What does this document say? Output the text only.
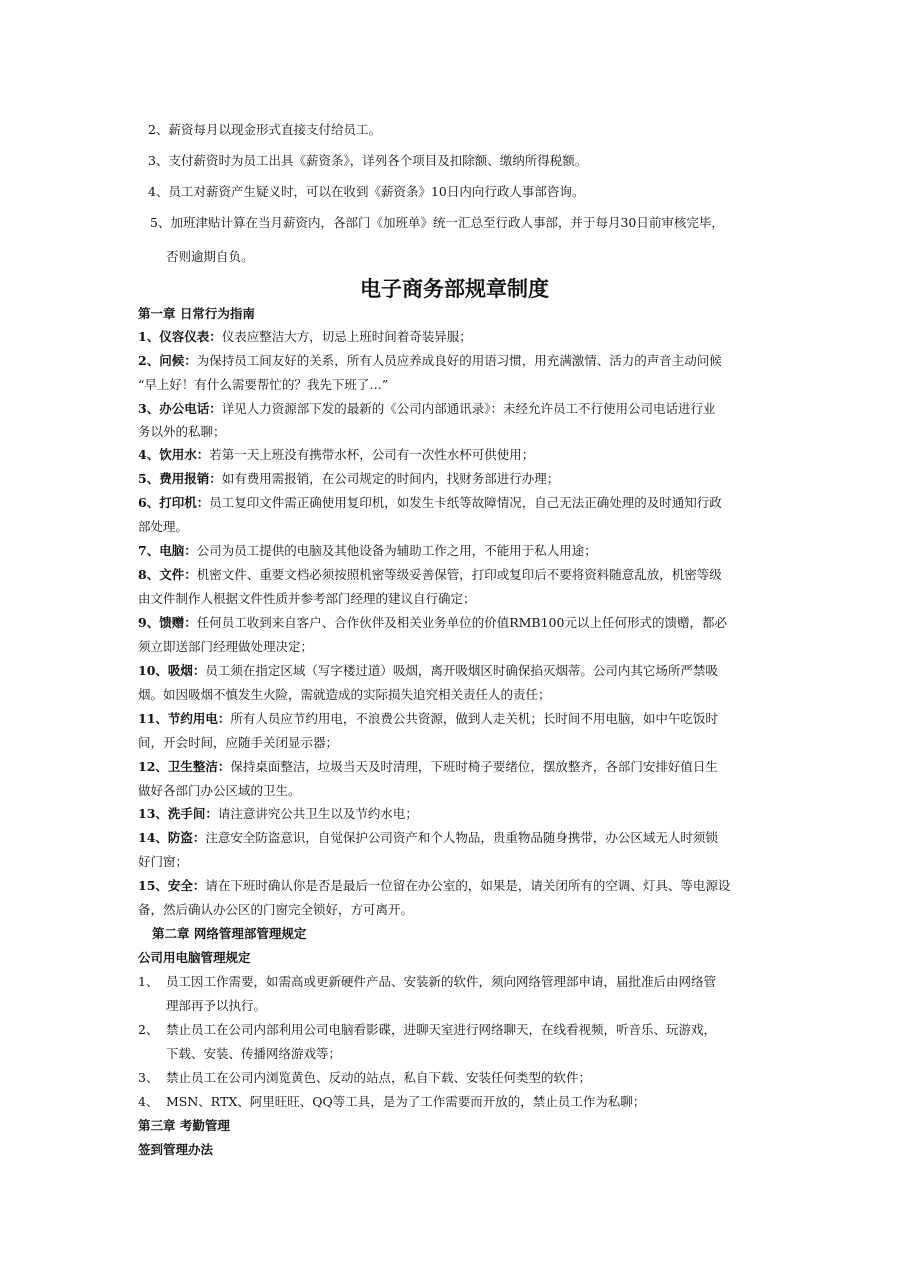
2、薪资每月以现金形式直接支付给员工。
3、支付薪资时为员工出具《薪资条》，详列各个项目及扣除额、缴纳所得税额。
4、员工对薪资产生疑义时，可以在收到《薪资条》10日内向行政人事部咨询。
5、加班津贴计算在当月薪资内，各部门《加班单》统一汇总至行政人事部，并于每月30日前审核完毕，
否则逾期自负。
电子商务部规章制度
第一章 日常行为指南
1、仪容仪表：仪表应整洁大方，切忌上班时间着奇装异服；
2、问候：为保持员工间友好的关系，所有人员应养成良好的用语习惯，用充满激情、活力的声音主动问候
“早上好！有什么需要帮忙的？我先下班了…”
3、办公电话：详见人力资源部下发的最新的《公司内部通讯录》：未经允许员工不行使用公司电话进行业
务以外的私聊；
4、饮用水：若第一天上班没有携带水杯，公司有一次性水杯可供使用；
5、费用报销：如有费用需报销，在公司规定的时间内，找财务部进行办理；
6、打印机：员工复印文件需正确使用复印机，如发生卡纸等故障情况，自己无法正确处理的及时通知行政
部处理。
7、电脑：公司为员工提供的电脑及其他设备为辅助工作之用，不能用于私人用途；
8、文件：机密文件、重要文档必须按照机密等级妥善保管，打印或复印后不要将资料随意乱放，机密等级
由文件制作人根据文件性质并参考部门经理的建议自行确定；
9、馈赠：任何员工收到来自客户、合作伙伴及相关业务单位的价值RMB100元以上任何形式的馈赠，都必
须立即送部门经理做处理决定；
10、吸烟：员工须在指定区域（写字楼过道）吸烟，离开吸烟区时确保掐灭烟蒂。公司内其它场所严禁吸
烟。如因吸烟不慎发生火险，需就造成的实际损失追究相关责任人的责任；
11、节约用电：所有人员应节约用电，不浪费公共资源，做到人走关机；长时间不用电脑，如中午吃饭时
间，开会时间，应随手关闭显示器；
12、卫生整洁：保持桌面整洁，垃圾当天及时清理，下班时椅子要绪位，摆放整齐，各部门安排好值日生
做好各部门办公区域的卫生。
13、洗手间：请注意讲究公共卫生以及节约水电；
14、防盗：注意安全防盗意识，自觉保护公司资产和个人物品，贵重物品随身携带，办公区域无人时须锁
好门窗；
15、安全：请在下班时确认你是否是最后一位留在办公室的，如果是，请关闭所有的空调、灯具、等电源设
备，然后确认办公区的门窗完全锁好，方可离开。
第二章 网络管理部管理规定
公司用电脑管理规定
1、 员工因工作需要，如需高或更新硬件产品、安装新的软件，须向网络管理部申请，届批准后由网络管
理部再予以执行。
2、 禁止员工在公司内部利用公司电脑看影碟，进聊天室进行网络聊天，在线看视频，听音乐、玩游戏，
下载、安装、传播网络游戏等；
3、 禁止员工在公司内浏览黄色、反动的站点，私自下载、安装任何类型的软件；
4、 MSN、RTX、阿里旺旺、QQ等工具，是为了工作需要而开放的，禁止员工作为私聊；
第三章 考勤管理
签到管理办法
